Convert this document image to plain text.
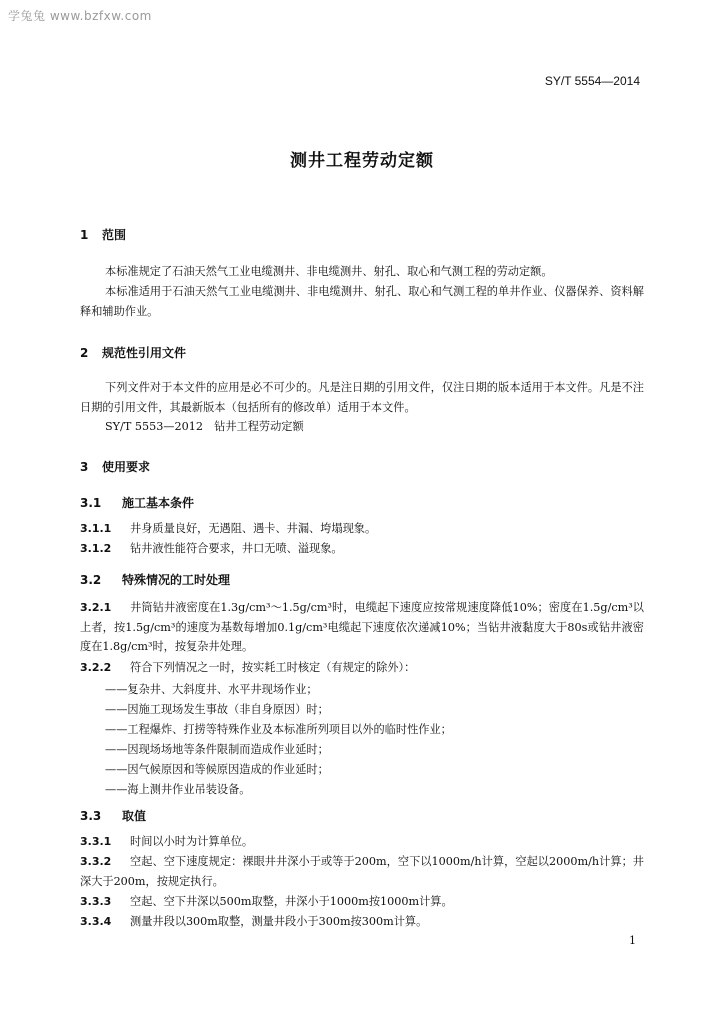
学兔兔 www.bzfxw.com
SY/T 5554—2014
测井工程劳动定额
1 范围
本标准规定了石油天然气工业电缆测井、非电缆测井、射孔、取心和气测工程的劳动定额。
本标准适用于石油天然气工业电缆测井、非电缆测井、射孔、取心和气测工程的单井作业、仪器保养、资料解释和辅助作业。
2 规范性引用文件
下列文件对于本文件的应用是必不可少的。凡是注日期的引用文件，仅注日期的版本适用于本文件。凡是不注日期的引用文件，其最新版本（包括所有的修改单）适用于本文件。
SY/T 5553—2012　钻井工程劳动定额
3 使用要求
3.1 施工基本条件
3.1.1 井身质量良好，无遇阻、遇卡、井漏、垮塌现象。
3.1.2 钻井液性能符合要求，井口无喷、溢现象。
3.2 特殊情况的工时处理
3.2.1 井筒钻井液密度在1.3g/cm³～1.5g/cm³时，电缆起下速度应按常规速度降低10%；密度在1.5g/cm³以上者，按1.5g/cm³的速度为基数每增加0.1g/cm³电缆起下速度依次递减10%；当钻井液黏度大于80s或钻井液密度在1.8g/cm³时，按复杂井处理。
3.2.2 符合下列情况之一时，按实耗工时核定（有规定的除外）：
——复杂井、大斜度井、水平井现场作业；
——因施工现场发生事故（非自身原因）时；
——工程爆炸、打捞等特殊作业及本标准所列项目以外的临时性作业；
——因现场场地等条件限制而造成作业延时；
——因气候原因和等候原因造成的作业延时；
——海上测井作业吊装设备。
3.3 取值
3.3.1 时间以小时为计算单位。
3.3.2 空起、空下速度规定：裸眼井井深小于或等于200m，空下以1000m/h计算，空起以2000m/h计算；井深大于200m，按规定执行。
3.3.3 空起、空下井深以500m取整，井深小于1000m按1000m计算。
3.3.4 测量井段以300m取整，测量井段小于300m按300m计算。
1
